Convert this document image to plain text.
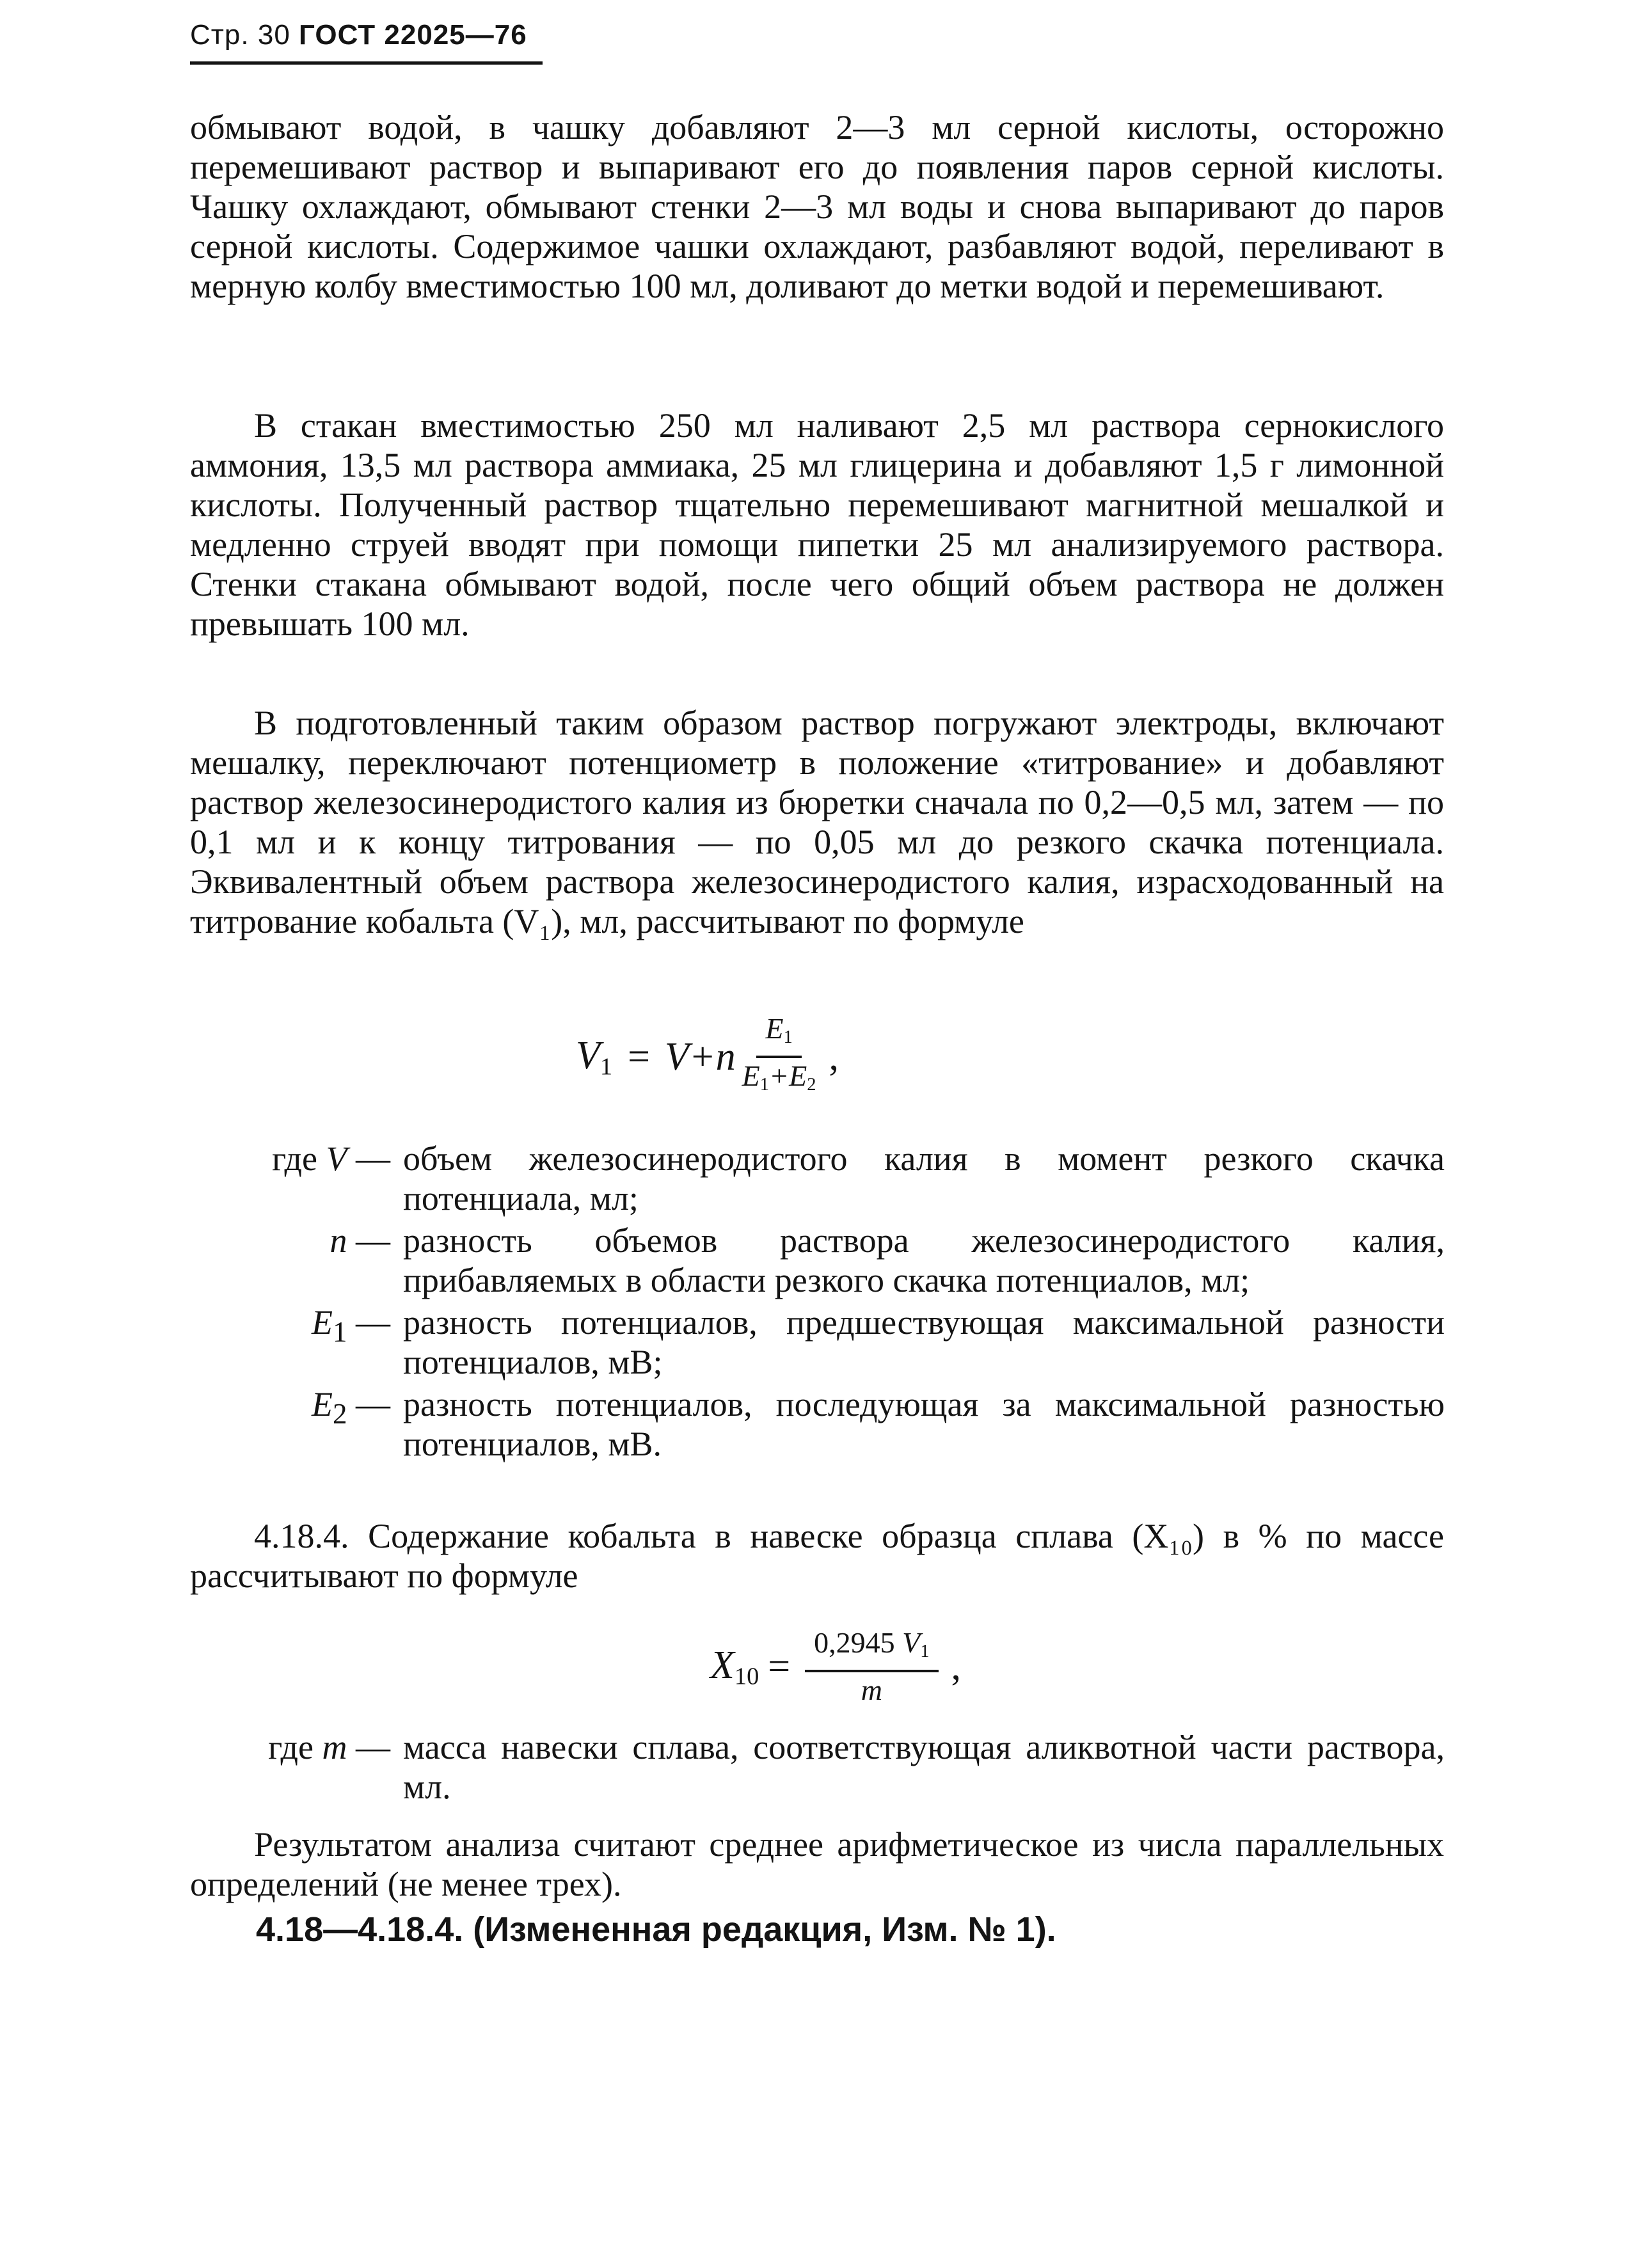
Стр. 30 ГОСТ 22025—76

обмывают водой, в чашку добавляют 2—3 мл серной кислоты, осторожно перемешивают раствор и выпаривают его до появления паров серной кислоты. Чашку охлаждают, обмывают стенки 2—3 мл воды и снова выпаривают до паров серной кислоты. Содержимое чашки охлаждают, разбавляют водой, переливают в мерную колбу вместимостью 100 мл, доливают до метки водой и перемешивают.

В стакан вместимостью 250 мл наливают 2,5 мл раствора сернокислого аммония, 13,5 мл раствора аммиака, 25 мл глицерина и добавляют 1,5 г лимонной кислоты. Полученный раствор тщательно перемешивают магнитной мешалкой и медленно струей вводят при помощи пипетки 25 мл анализируемого раствора. Стенки стакана обмывают водой, после чего общий объем раствора не должен превышать 100 мл.

В подготовленный таким образом раствор погружают электроды, включают мешалку, переключают потенциометр в положение «титрование» и добавляют раствор железосинеродистого калия из бюретки сначала по 0,2—0,5 мл, затем — по 0,1 мл и к концу титрования — по 0,05 мл до резкого скачка потенциала. Эквивалентный объем раствора железосинеродистого калия, израсходованный на титрование кобальта (V₁), мл, рассчитывают по формуле

$V_1 = V+n \frac{E_1}{E_1+E_2}$ ,
где V — объем железосинеродистого калия в момент резкого скачка потенциала, мл;
n — разность объемов раствора железосинеродистого калия, прибавляемых в области резкого скачка потенциалов, мл;
$E_1$ — разность потенциалов, предшествующая максимальной разности потенциалов, мВ;
$E_2$ — разность потенциалов, последующая за максимальной разностью потенциалов, мВ.

4.18.4. Содержание кобальта в навеске образца сплава (X₁₀) в % по массе рассчитывают по формуле

$X_{10} = \frac{0,2945 V_1}{m}$ ,
где m — масса навески сплава, соответствующая аликвотной части раствора, мл.

Результатом анализа считают среднее арифметическое из числа параллельных определений (не менее трех).

4.18—4.18.4. (Измененная редакция, Изм. № 1).
